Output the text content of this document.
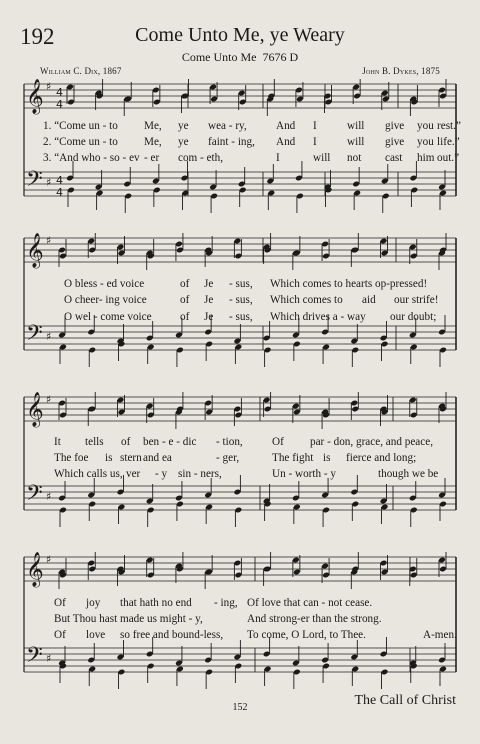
192	Come Unto Me, ye Weary
Come Unto Me 7676 D
William C. Dix, 1867	John B. Dykes, 1875
𝄞
𝄢
♯
♯
4
4
4
4
𝄞
𝄢
♯
♯
𝄞
𝄢
♯
♯
𝄞
𝄢
♯
♯
1. “Come un - to Me, ye wea - ry,	And I	will give you rest.”
2. “Come un - to Me, ye faint - ing, And I	will give you life.”
3. “And who - so - ev - er com - eth,	I	will not cast him out.”
O bless - ed voice	of Je - sus, Which comes to hearts op-pressed!
O cheer- ing voice	of Je - sus, Which comes to aid our strife!
O wel - come voice	of Je - sus, Which drives a - way our doubt;
It tells of ben - e - dic - tion,	Of par - don, grace, and peace,
The foe is stern and ea	- ger,	The fight is fierce and long;
Which calls us, ver - y sin - ners,	Un - worth - y	though we be
Of joy that hath no end - ing, Of love that can - not cease.
But Thou hast made us might - y,	And strong-er than the strong.
Of love so free and bound-less, To come, O Lord, to Thee.	A-men.
152	The Call of Christ
